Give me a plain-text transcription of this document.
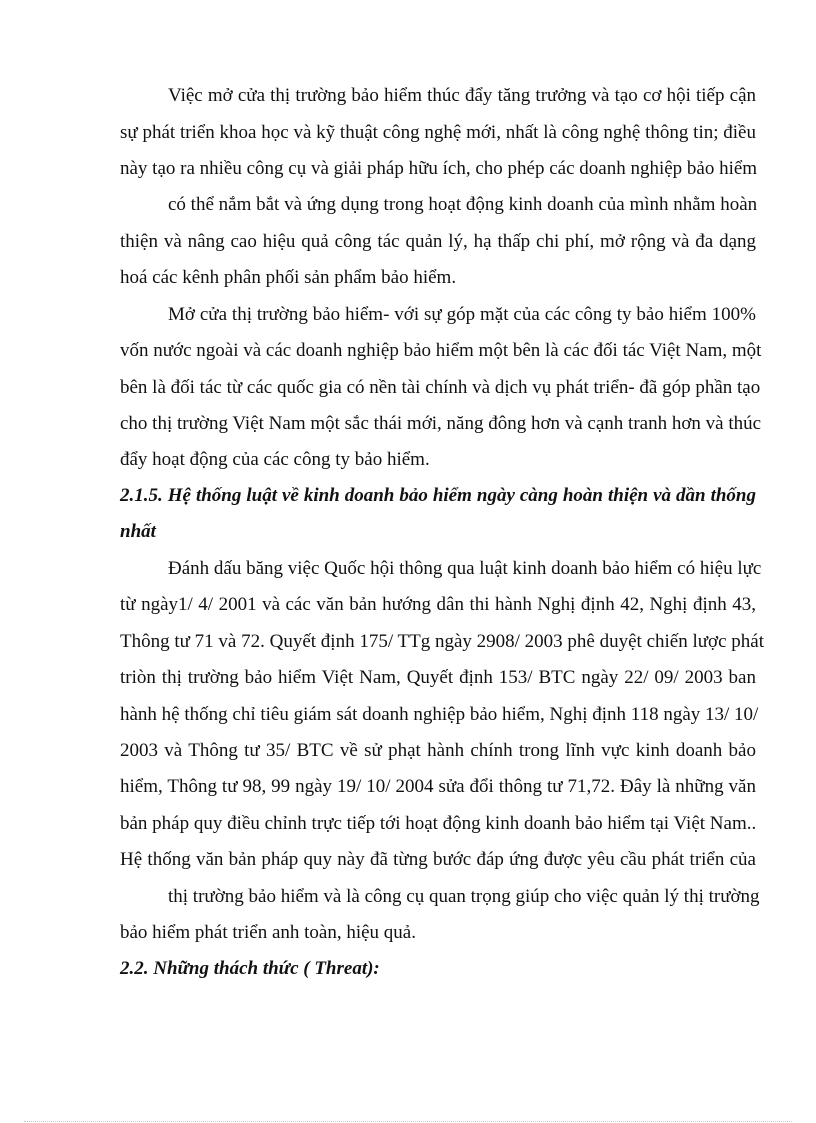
Việc mở cửa thị trường bảo hiểm thúc đẩy tăng trưởng và tạo cơ hội tiếp cận

sự phát triển khoa học và kỹ thuật công nghệ mới, nhất là công nghệ thông tin; điều

này tạo ra nhiều công cụ và giải pháp hữu ích, cho phép các doanh nghiệp bảo hiểm

có thể nắm bắt và ứng dụng trong hoạt động kinh doanh của mình nhằm hoàn

thiện và nâng cao hiệu quả công tác quản lý, hạ thấp chi phí, mở rộng và đa dạng

hoá các kênh phân phối sản phẩm bảo hiểm.

Mở cửa thị trường bảo hiểm- với sự góp mặt của các công ty bảo hiểm 100%

vốn nước ngoài và các doanh nghiệp bảo hiểm một bên là các đối tác Việt Nam, một

bên là đối tác từ các quốc gia có nền tài chính và dịch vụ phát triển- đã góp phần tạo

cho thị trường Việt Nam một sắc thái mới, năng đông hơn và cạnh tranh hơn và thúc

đẩy hoạt động của các công ty bảo hiểm.

2.1.5. Hệ thống luật về kinh doanh bảo hiểm ngày càng hoàn thiện và dần thống

nhất

Đánh dấu băng việc Quốc hội thông qua luật kinh doanh bảo hiểm có hiệu lực

từ ngày1/ 4/ 2001 và các văn bản hướng dân thi hành Nghị định 42, Nghị định 43,

Thông tư 71 và 72. Quyết định 175/ TTg ngày 2908/ 2003 phê duyệt chiến lược phát

triòn thị trường bảo hiểm Việt Nam, Quyết định 153/ BTC ngày 22/ 09/ 2003 ban

hành hệ thống chỉ tiêu giám sát doanh nghiệp bảo hiểm, Nghị định 118 ngày 13/ 10/

2003 và Thông tư 35/ BTC về sử phạt hành chính trong lĩnh vực kinh doanh bảo

hiểm, Thông tư 98, 99 ngày 19/ 10/ 2004 sửa đổi thông tư 71,72. Đây là những văn

bản pháp quy điều chỉnh trực tiếp tới hoạt động kinh doanh bảo hiểm tại Việt Nam..

Hệ thống văn bản pháp quy này đã từng bước đáp ứng được yêu cầu phát triển của

thị trường bảo hiểm và là công cụ quan trọng giúp cho việc quản lý thị trường

bảo hiểm phát triển anh toàn, hiệu quả.

2.2. Những thách thức ( Threat):
